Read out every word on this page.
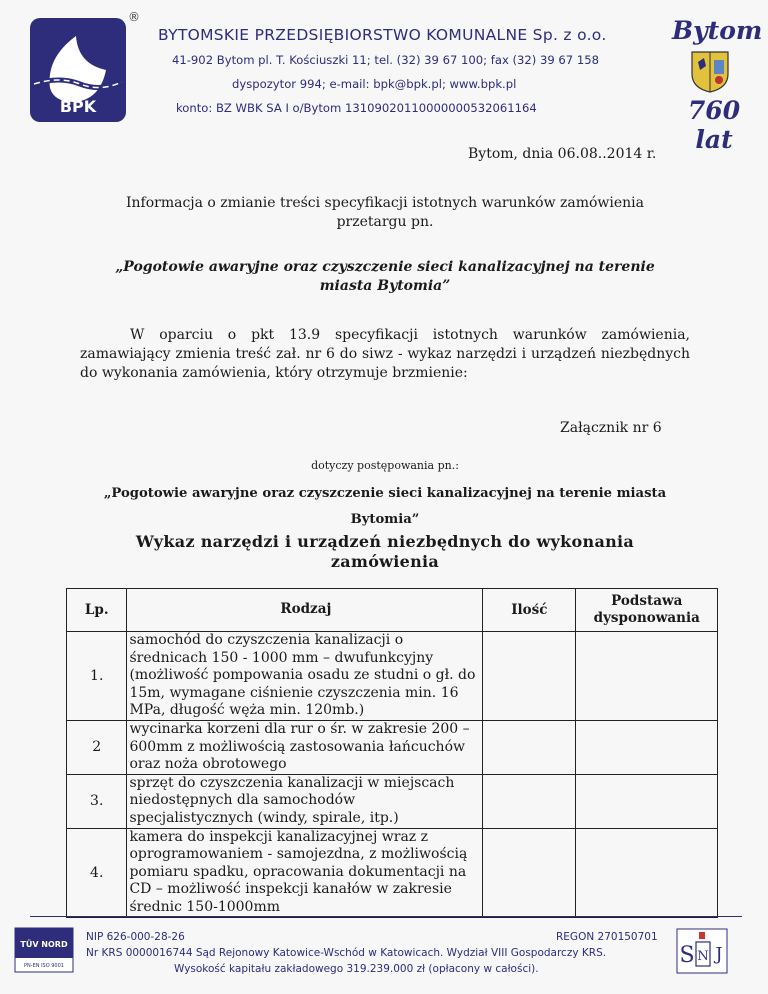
BPK
®
BYTOMSKIE PRZEDSIĘBIORSTWO KOMUNALNE Sp. z o.o.
41-902 Bytom pl. T. Kościuszki 11; tel. (32) 39 67 100; fax (32) 39 67 158
dyspozytor 994; e-mail: bpk@bpk.pl; www.bpk.pl
konto: BZ WBK SA I o/Bytom 13109020110000000532061164
Bytom
760 lat
Bytom, dnia 06.08..2014 r.
Informacja o zmianie treści specyfikacji istotnych warunków zamówienia przetargu pn.
„Pogotowie awaryjne oraz czyszczenie sieci kanalizacyjnej na terenie miasta Bytomia”
W oparciu o pkt 13.9 specyfikacji istotnych warunków zamówienia, zamawiający zmienia treść zał. nr 6 do siwz - wykaz narzędzi i urządzeń niezbędnych do wykonania zamówienia, który otrzymuje brzmienie:
Załącznik nr 6
dotyczy postępowania pn.:
„Pogotowie awaryjne oraz czyszczenie sieci kanalizacyjnej na terenie miasta Bytomia”
Wykaz narzędzi i urządzeń niezbędnych do wykonania zamówienia
Lp.	Rodzaj	Ilość	Podstawa dysponowania
1.	samochód do czyszczenia kanalizacji o średnicach 150 - 1000 mm – dwufunkcyjny (możliwość pompowania osadu ze studni o gł. do 15m, wymagane ciśnienie czyszczenia min. 16 MPa, długość węża min. 120mb.)		
2	wycinarka korzeni dla rur o śr. w zakresie 200 – 600mm z możliwością zastosowania łańcuchów oraz noża obrotowego		
3.	sprzęt do czyszczenia kanalizacji w miejscach niedostępnych dla samochodów specjalistycznych (windy, spirale, itp.)		
4.	kamera do inspekcji kanalizacyjnej wraz z oprogramowaniem - samojezdna, z możliwością pomiaru spadku, opracowania dokumentacji na CD – możliwość inspekcji kanałów w zakresie średnic 150-1000mm		
TÜV NORD
PN-EN ISO 9001
NIP 626-000-28-26	REGON 270150701
Nr KRS 0000016744 Sąd Rejonowy Katowice-Wschód w Katowicach. Wydział VIII Gospodarczy KRS.
Wysokość kapitału zakładowego 319.239.000 zł (opłacony w całości).
S N J
